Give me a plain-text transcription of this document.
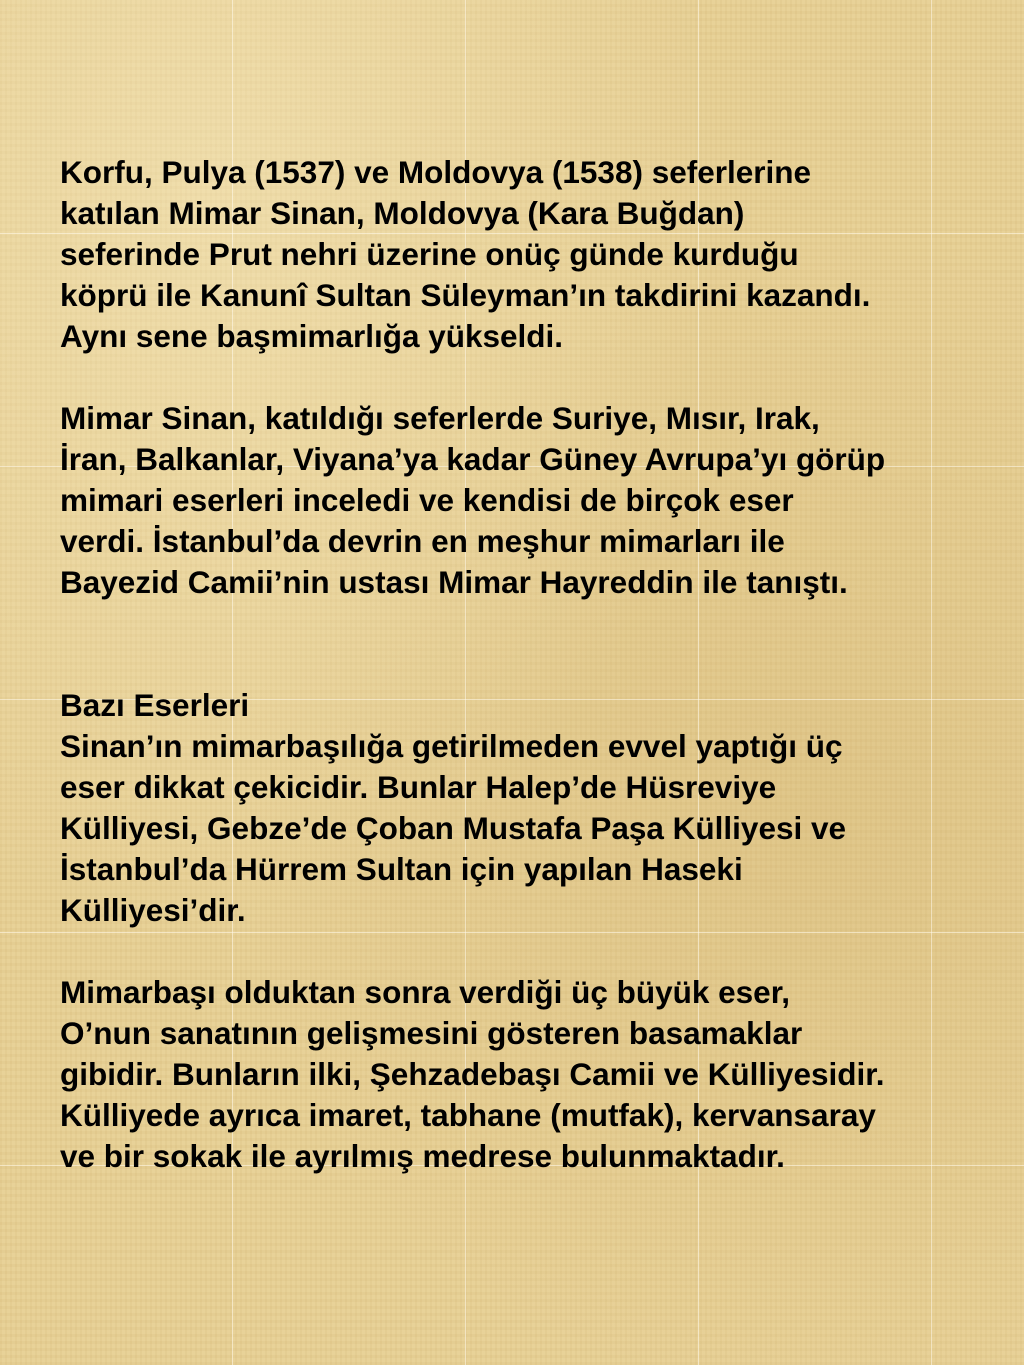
Korfu, Pulya (1537) ve Moldovya (1538) seferlerine
katılan Mimar Sinan, Moldovya (Kara Buğdan)
seferinde Prut nehri üzerine onüç günde kurduğu
köprü ile Kanunî Sultan Süleyman’ın takdirini kazandı.
Aynı sene başmimarlığa yükseldi.

Mimar Sinan, katıldığı seferlerde Suriye, Mısır, Irak,
İran, Balkanlar, Viyana’ya kadar Güney Avrupa’yı görüp
mimari eserleri inceledi ve kendisi de birçok eser
verdi. İstanbul’da devrin en meşhur mimarları ile
Bayezid Camii’nin ustası Mimar Hayreddin ile tanıştı.

Bazı Eserleri

Sinan’ın mimarbaşılığa getirilmeden evvel yaptığı üç
eser dikkat çekicidir. Bunlar Halep’de Hüsreviye
Külliyesi, Gebze’de Çoban Mustafa Paşa Külliyesi ve
İstanbul’da Hürrem Sultan için yapılan Haseki
Külliyesi’dir.

Mimarbaşı olduktan sonra verdiği üç büyük eser,
O’nun sanatının gelişmesini gösteren basamaklar
gibidir. Bunların ilki, Şehzadebaşı Camii ve Külliyesidir.
Külliyede ayrıca imaret, tabhane (mutfak), kervansaray
ve bir sokak ile ayrılmış medrese bulunmaktadır.
